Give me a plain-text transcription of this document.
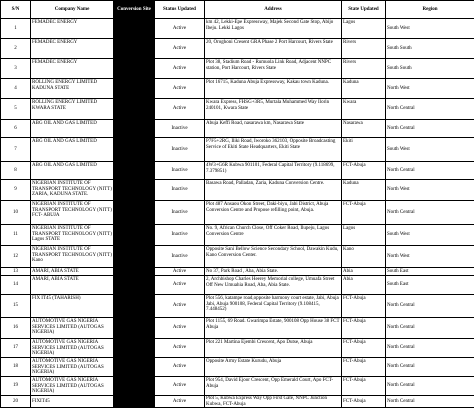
S/N	Company Name	Conversion Site	Status Updated	Address	State Updated	Region
1	FEMADEC ENERGY	Conversion	Active	km 42, Lekki-Epe Expressway, Majek Second Gate Stop, Abijo Ibeju. Lekki Lagos	Lagos	South West
2	FEMADEC ENERGY	Conversion	Active	20, Oroghoni Cresent GRA Phase 2 Port Harcourt, Rivers State	Rivers	South South
3	FEMADEC ENERGY	Conversion	Active	Plot 38, Stadium Road - Rumuola Link Road, Adjacent NNPC station, Port Harcourt, Rivers State	Rivers	South South
4	ROLLING ENERGY LIMITED KADUNA STATE	Conversion	Active	Plot 16715, Kaduna Abuja Expressway, Kakau town Kaduna.	Kaduna	North West
5	ROLLING ENERGY LIMITED KWARA STATE	Conversion	Active	Kwara Express, FHSG+3R5, Murtala Muhammed Way Ilorin 240101, Kwara State	Kwara	North Central
6	ABG OIL AND GAS LIMITED	Conversion	Inactive	Abuja Keffi Road, nasarawa km, Nasarawa State	Nasarawa	North Central
7	ABG OIL AND GAS LIMITED	Conversion	Inactive	P7F5+2RG, Iliki Road, Iworoko 362103, Opposite Broadcasting Service of Ekiti State Headquarters, Ekiti State	Ekiti	South West
8	ABG OIL AND GAS LIMITED	Conversion	Inactive	4W3+G6R Kubwa 901101, Federal Capital Territory (9.118699, 7.379851)	FCT-Abuja	North Central
9	NIGERIAN INSTITUTE OF TRANSPORT TECHNOLOGY (NITT) ZARIA, KADUNA STATE.	Conversion	Inactive	Basawa Road, Palladan, Zaria, Kaduna Conversion Centre.	Kaduna	North West
10	NIGERIAN INSTITUTE OF TRANSPORT TECHNOLOGY (NITT) FCT- ABUJA	Conversion	Inactive	Plot 487 Ansaou Okon Street, Daki-biyu, Jabi District, Abuja Conversion Centre and Propose refilling point, Abuja.	FCT-Abuja	North Central
11	NIGERIAN INSTITUTE OF TRANSPORT TECHNOLOGY (NITT) Lagos STATE	Conversion	Inactive	No. 9, African Church Close, Off Coker Road, Ilupeju, Lagos Conversion Centre	Lagos	South West
12	NIGERIAN INSTITUTE OF TRANSPORT TECHNOLOGY (NITT) Kano	Conversion	Inactive	Opposite Sani Bellow Science Secondary School, Dawakin Kudu, Kano Conversion Center.	Kano	North West
13	AMARI, ABIA STATE	Conversion	Active	No 37, Park Road , Aba, Abia State.	Abia	South East
14	AMARI, ABIA STATE	Conversion	Active	2, Archbishop Charles Heerey Memorial college, Umuafa Street Off New Umuahia Road, Aba, Abia State.	Abia	South East
15	FIX IT45 (TAHARISH)	Conversion	Active	Plot 556, katampe road,opposite harmony court estate, Jabi, Abuja Jabi, Abuja 900108, Federal Capital Territory (9.108415, 7.448452)	FCT-Abuja	North Central
16	AUTOMOTIVE GAS NIGERIA SERVICES LIMITED (AUTOGAS NIGERIA)	Conversion	Active	Plot 1155, 69 Road. Gwarimpa Estate, 900108 Opp House 38 FCT Abuja	FCT-Abuja	North Central
17	AUTOMOTIVE GAS NIGERIA SERVICES LIMITED (AUTOGAS NIGERIA)	Conversion	Active	Plot 221 Martina Ejembi Crescent, Apo Dutse, Abuja	FCT-Abuja	North Central
18	AUTOMOTIVE GAS NIGERIA SERVICES LIMITED (AUTOGAS NIGERIA)	Conversion	Active	Opposite Army Estate Kurudu, Abuja	FCT-Abuja	North Central
19	AUTOMOTIVE GAS NIGERIA SERVICES LIMITED (AUTOGAS NIGERIA)	Conversion	Active	Plot 954, David Ejoor Crescent, Opp Emerald Court, Apo FCT- Abuja	FCT-Abuja	North Central
20	FIXIT45	Conversion	Active	Plot 5, Kubwa Express Way Opp First Gate, NNPC Junction Kubwa, FCT-Abuja	FCT-Abuja	North Central
